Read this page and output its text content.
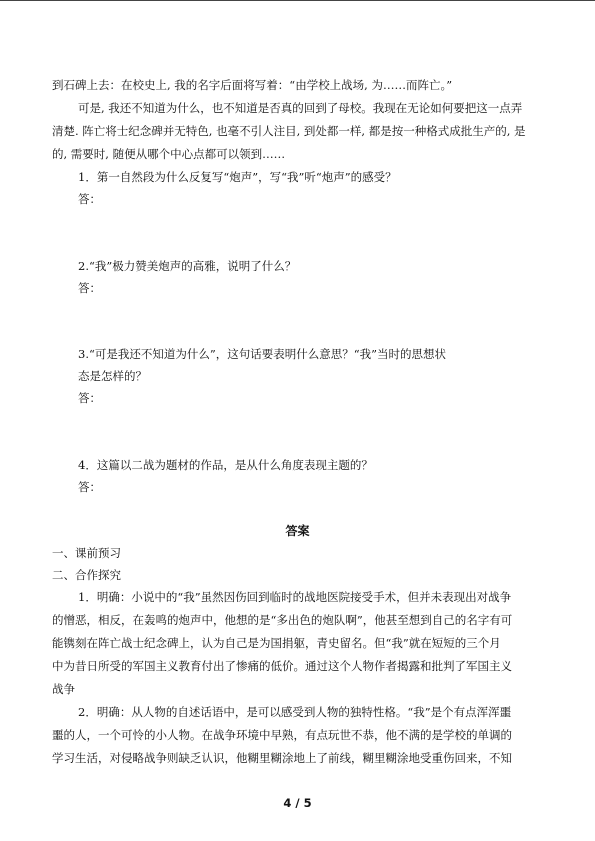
到石碑上去：在校史上, 我的名字后面将写着：“由学校上战场, 为……而阵亡。”
可是, 我还不知道为什么，也不知道是否真的回到了母校。我现在无论如何要把这一点弄
清楚. 阵亡将士纪念碑并无特色, 也毫不引人注目, 到处都一样, 都是按一种格式成批生产的, 是
的, 需要时, 随便从哪个中心点都可以领到……
1．第一自然段为什么反复写“炮声”，写“我”听“炮声”的感受？
答：
2.“我”极力赞美炮声的高雅，说明了什么？
答：
3.“可是我还不知道为什么”，这句话要表明什么意思？“我”当时的思想状
态是怎样的？
答：
4．这篇以二战为题材的作品，是从什么角度表现主题的？
答：
答案
一、课前预习
二、合作探究
1．明确：小说中的“我”虽然因伤回到临时的战地医院接受手术，但并未表现出对战争
的憎恶，相反，在轰鸣的炮声中，他想的是“多出色的炮队啊”，他甚至想到自己的名字有可
能镌刻在阵亡战士纪念碑上，认为自己是为国捐躯，青史留名。但“我”就在短短的三个月
中为昔日所受的军国主义教育付出了惨痛的低价。通过这个人物作者揭露和批判了军国主义
战争
2．明确：从人物的自述话语中，是可以感受到人物的独特性格。“我”是个有点浑浑噩
噩的人，一个可怜的小人物。在战争环境中早熟，有点玩世不恭，他不满的是学校的单调的
学习生活，对侵略战争则缺乏认识，他糊里糊涂地上了前线，糊里糊涂地受重伤回来，不知
4 / 5
